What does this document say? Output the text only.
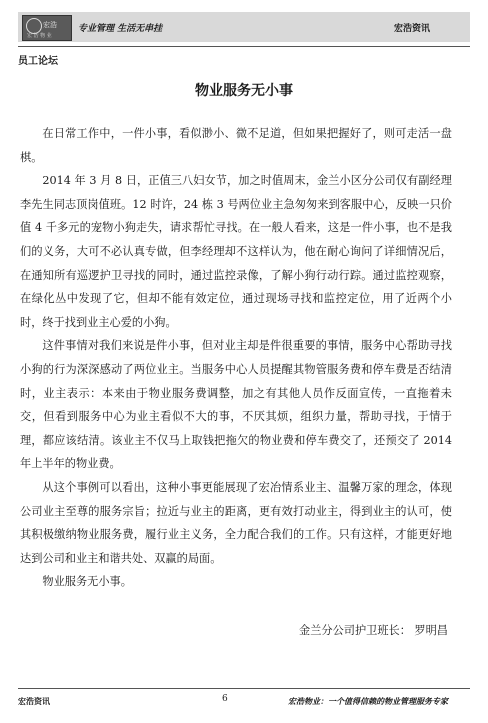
宏浩
宏 浩 物 业
专业管理 生活无串挂	宏浩资讯
员工论坛
物业服务无小事

在日常工作中，一件小事，看似渺小、微不足道，但如果把握好了，则可走活一盘棋。

2014 年 3 月 8 日，正值三八妇女节，加之时值周末，金兰小区分公司仅有副经理李先生同志顶岗值班。12 时许，24 栋 3 号两位业主急匆匆来到客服中心，反映一只价值 4 千多元的宠物小狗走失，请求帮忙寻找。在一般人看来，这是一件小事，也不是我们的义务，大可不必认真专做，但李经理却不这样认为，他在耐心询问了详细情况后，在通知所有巡逻护卫寻找的同时，通过监控录像，了解小狗行动行踪。通过监控观察，在绿化丛中发现了它，但却不能有效定位，通过现场寻找和监控定位，用了近两个小时，终于找到业主心爱的小狗。

这件事情对我们来说是件小事，但对业主却是件很重要的事情，服务中心帮助寻找小狗的行为深深感动了两位业主。当服务中心人员提醒其物管服务费和停车费是否结清时，业主表示：本来由于物业服务费调整，加之有其他人员作反面宣传，一直拖着未交，但看到服务中心为业主看似不大的事，不厌其烦，组织力量，帮助寻找，于情于理，都应该结清。该业主不仅马上取钱把拖欠的物业费和停车费交了，还预交了 2014 年上半年的物业费。

从这个事例可以看出，这种小事更能展现了宏冶情系业主、温馨万家的理念，体现公司业主至尊的服务宗旨；拉近与业主的距离，更有效打动业主，得到业主的认可，使其积极缴纳物业服务费，履行业主义务，全力配合我们的工作。只有这样，才能更好地达到公司和业主和谐共处、双赢的局面。

物业服务无小事。

金兰分公司护卫班长： 罗明昌
宏浩资讯	6	宏浩物业：一个值得信赖的物业管理服务专家
